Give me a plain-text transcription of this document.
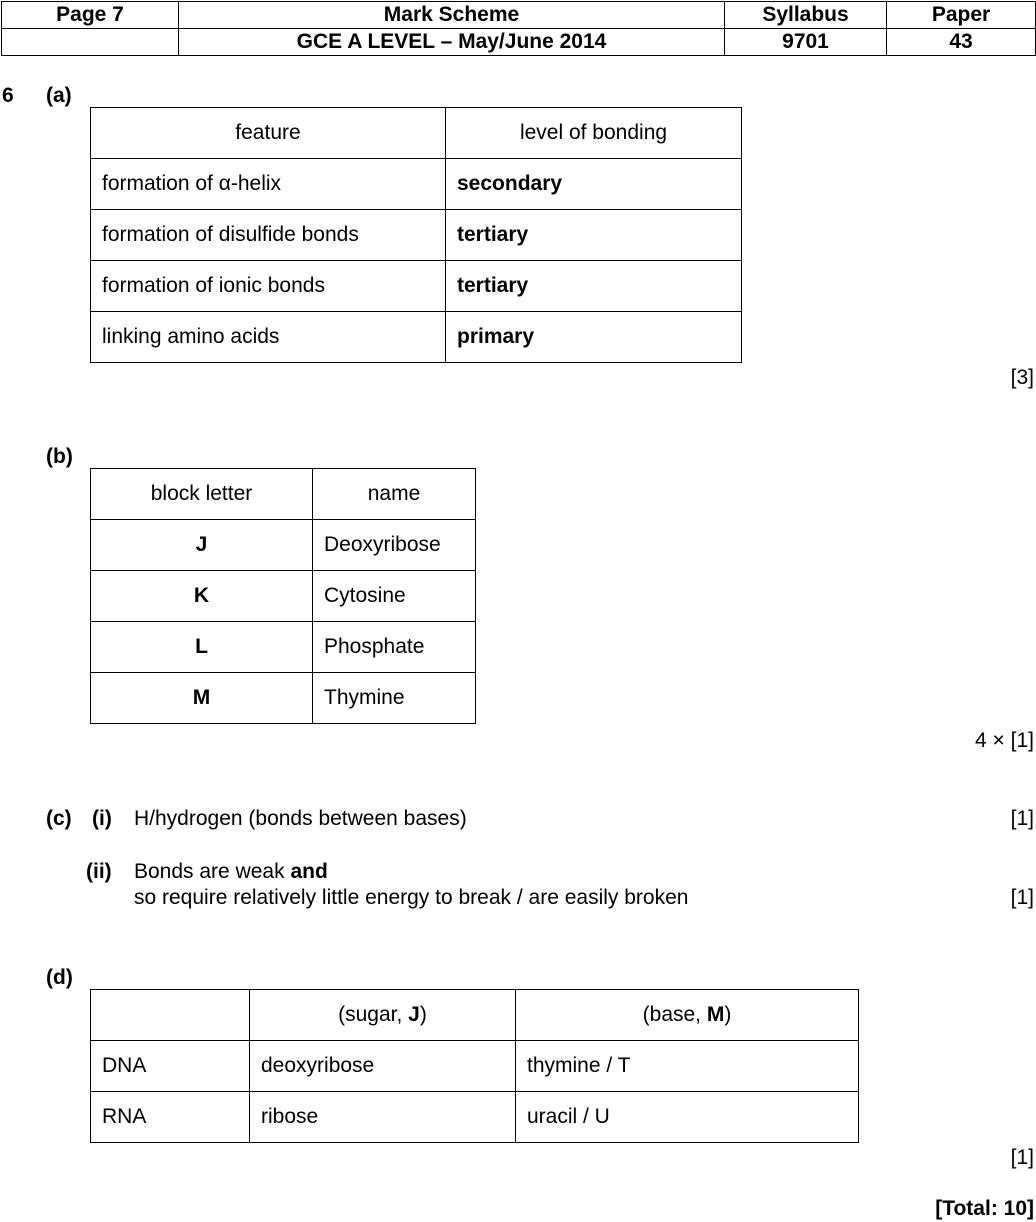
Page 7	Mark Scheme	Syllabus	Paper
	GCE A LEVEL – May/June 2014	9701	43
6 (a)
feature	level of bonding
formation of α-helix	secondary
formation of disulfide bonds	tertiary
formation of ionic bonds	tertiary
linking amino acids	primary
[3]
(b)
block letter	name
J	Deoxyribose
K	Cytosine
L	Phosphate
M	Thymine
4 × [1]
(c) (i) H/hydrogen (bonds between bases)	[1]
(ii) Bonds are weak and
so require relatively little energy to break / are easily broken	[1]
(d)
	(sugar, J)	(base, M)
DNA	deoxyribose	thymine / T
RNA	ribose	uracil / U
[1]
[Total: 10]
